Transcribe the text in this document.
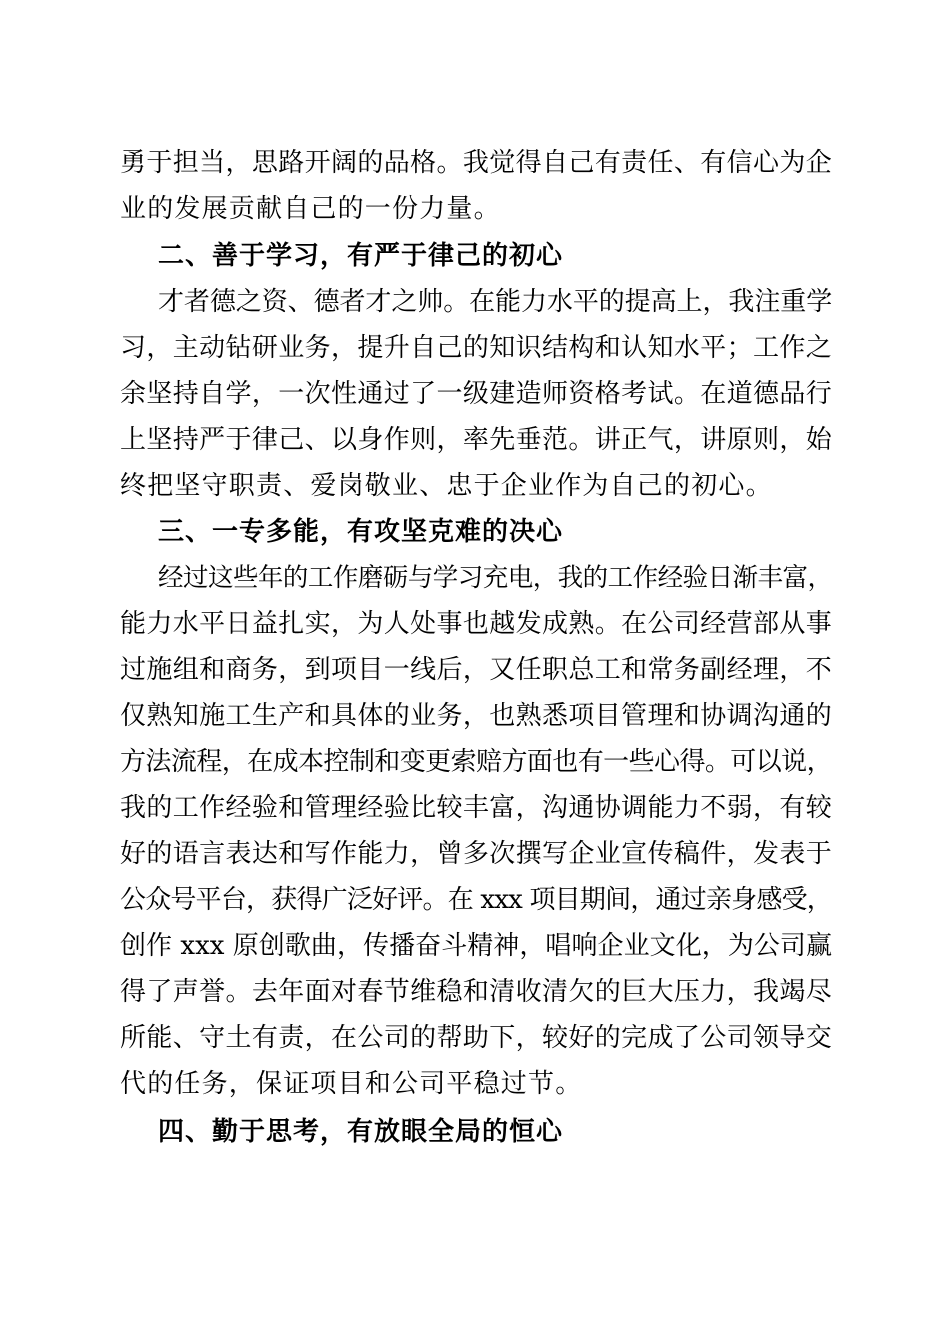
勇于担当，思路开阔的品格。我觉得自己有责任、有信心为企
业的发展贡献自己的一份力量。
二、善于学习，有严于律己的初心
才者德之资、德者才之帅。在能力水平的提高上，我注重学
习，主动钻研业务，提升自己的知识结构和认知水平；工作之
余坚持自学，一次性通过了一级建造师资格考试。在道德品行
上坚持严于律己、以身作则，率先垂范。讲正气，讲原则，始
终把坚守职责、爱岗敬业、忠于企业作为自己的初心。
三、一专多能，有攻坚克难的决心
经过这些年的工作磨砺与学习充电，我的工作经验日渐丰富，
能力水平日益扎实，为人处事也越发成熟。在公司经营部从事
过施组和商务，到项目一线后，又任职总工和常务副经理，不
仅熟知施工生产和具体的业务，也熟悉项目管理和协调沟通的
方法流程，在成本控制和变更索赔方面也有一些心得。可以说，
我的工作经验和管理经验比较丰富，沟通协调能力不弱，有较
好的语言表达和写作能力，曾多次撰写企业宣传稿件，发表于
公众号平台，获得广泛好评。在 xxx 项目期间，通过亲身感受，
创作 xxx 原创歌曲，传播奋斗精神，唱响企业文化，为公司赢
得了声誉。去年面对春节维稳和清收清欠的巨大压力，我竭尽
所能、守土有责，在公司的帮助下，较好的完成了公司领导交
代的任务，保证项目和公司平稳过节。
四、勤于思考，有放眼全局的恒心
